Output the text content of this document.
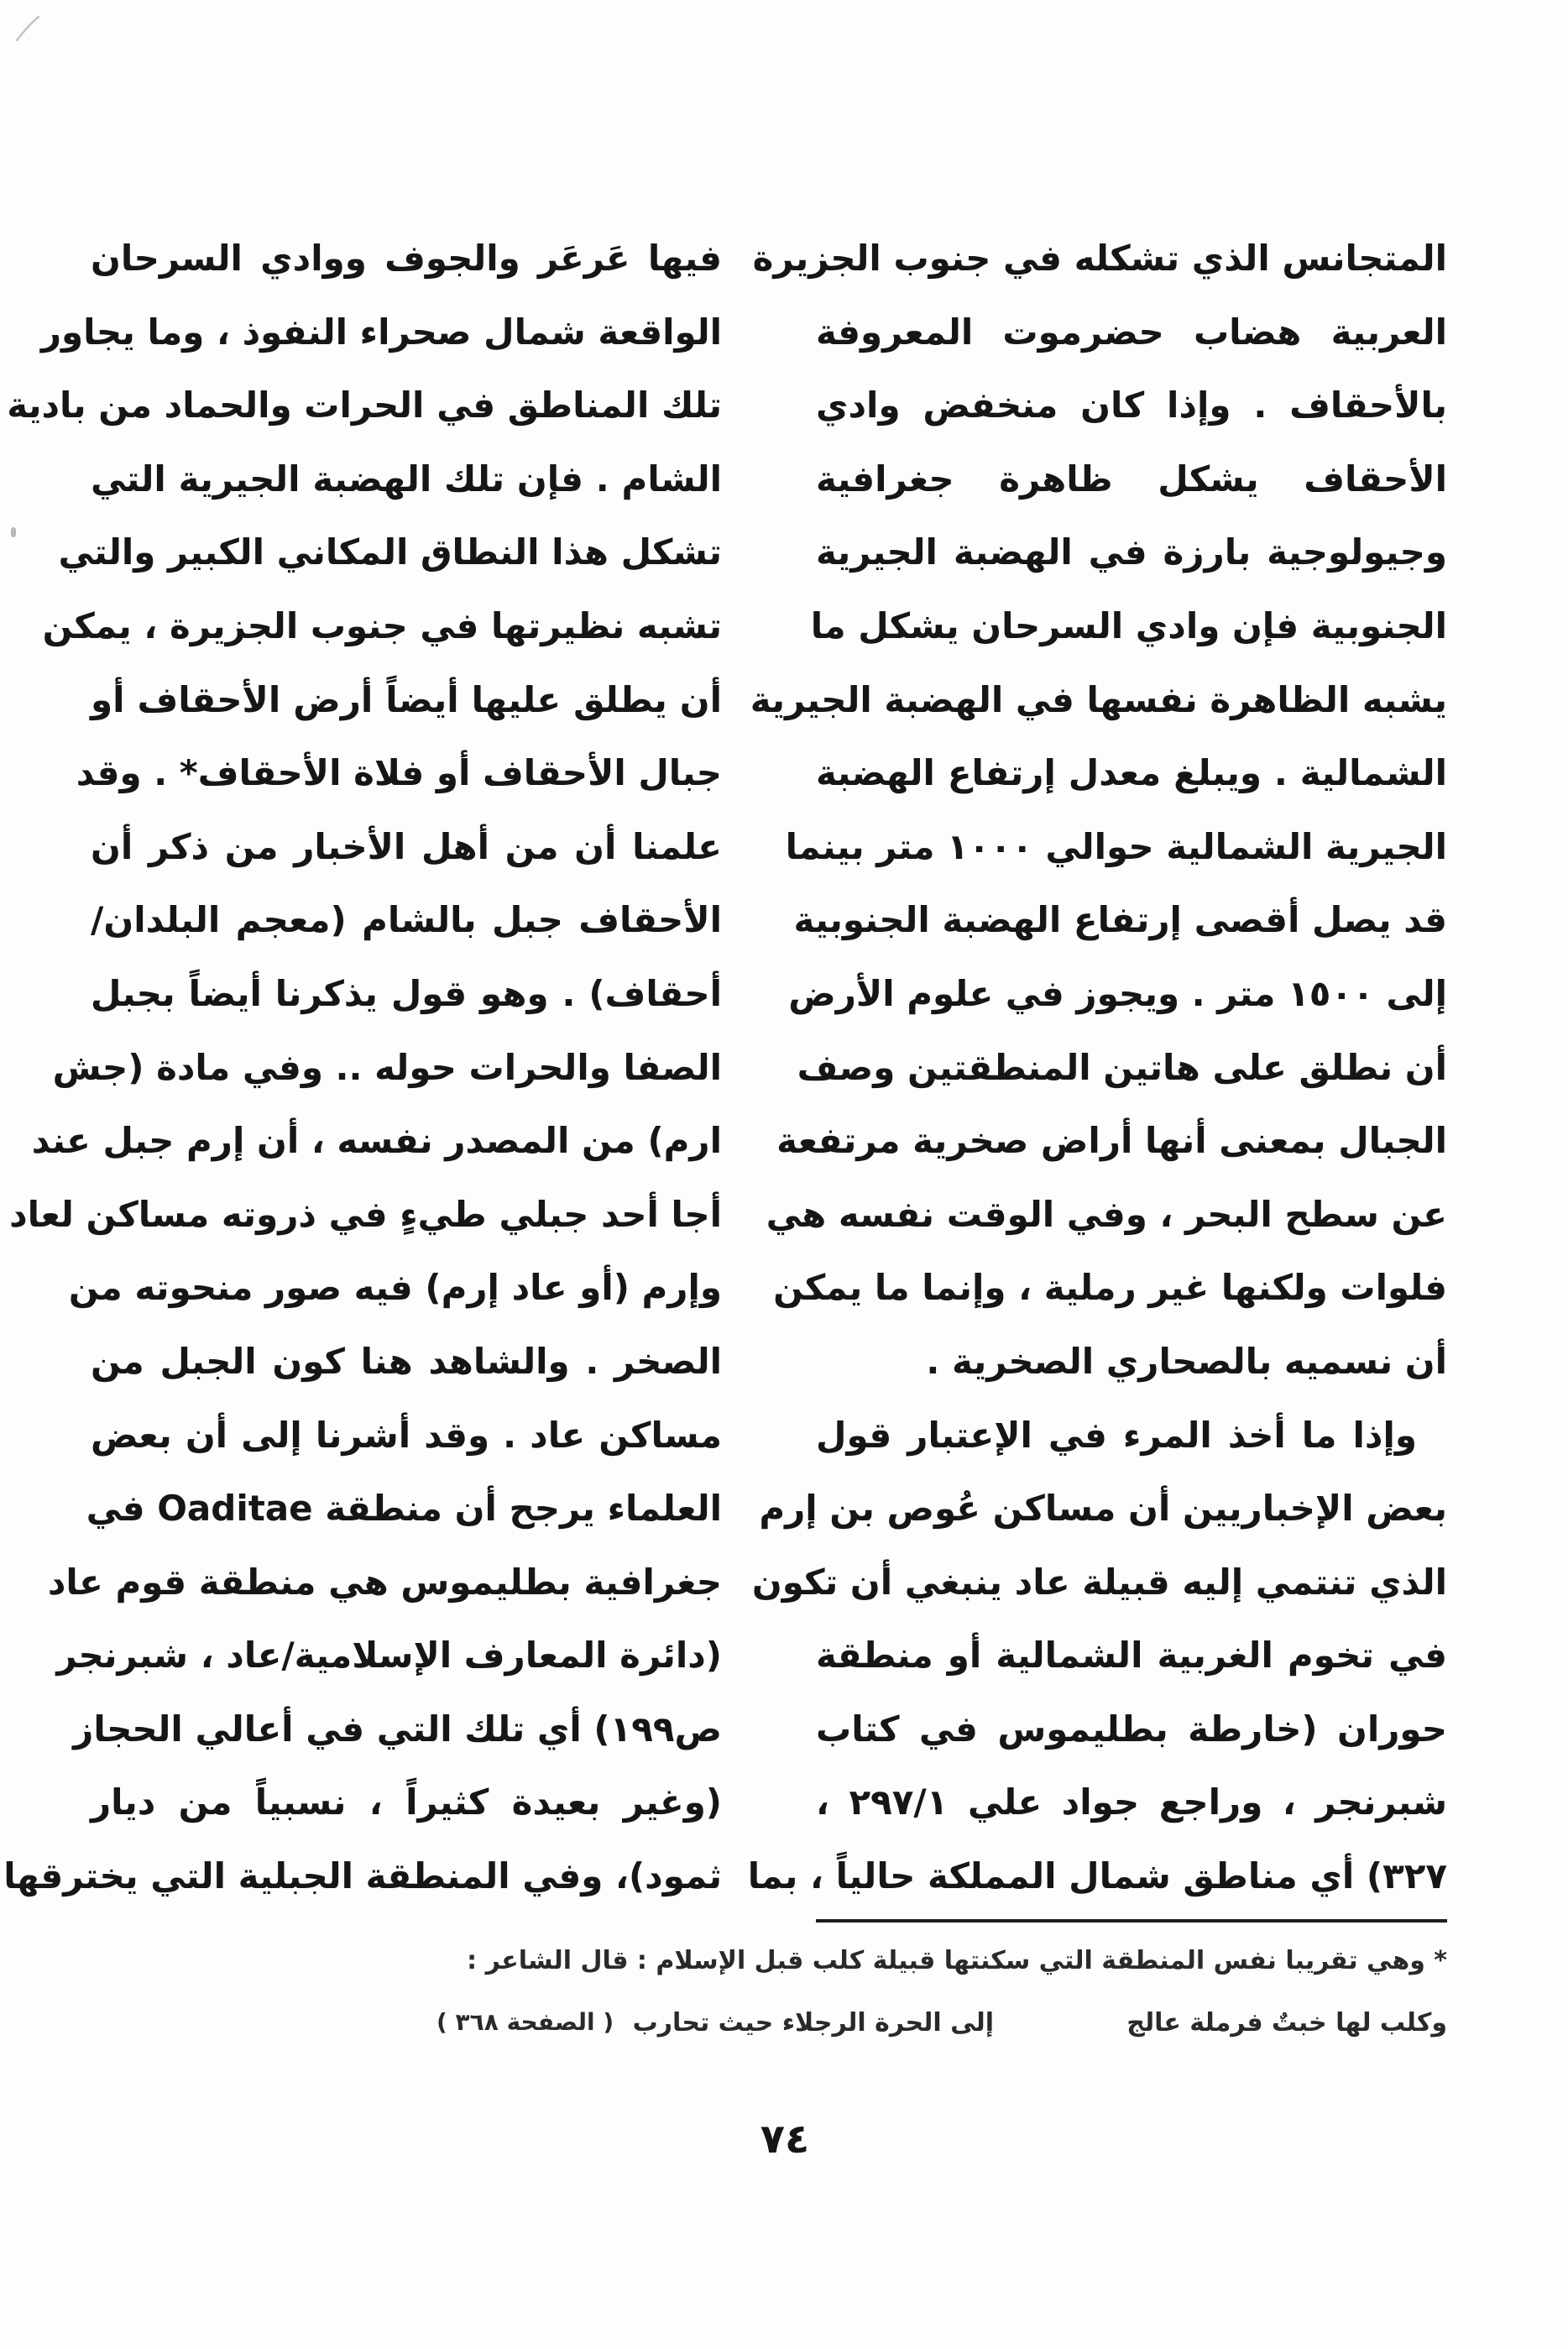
المتجانس الذي تشكله في جنوب الجزيرة
العربية هضاب حضرموت المعروفة
بالأحقاف . وإذا كان منخفض وادي
الأحقاف يشكل ظاهرة جغرافية
وجيولوجية بارزة في الهضبة الجيرية
الجنوبية فإن وادي السرحان يشكل ما
يشبه الظاهرة نفسها في الهضبة الجيرية
الشمالية . ويبلغ معدل إرتفاع الهضبة
الجيرية الشمالية حوالي ١٠٠٠ متر بينما
قد يصل أقصى إرتفاع الهضبة الجنوبية
إلى ١٥٠٠ متر . ويجوز في علوم الأرض
أن نطلق على هاتين المنطقتين وصف
الجبال بمعنى أنها أراض صخرية مرتفعة
عن سطح البحر ، وفي الوقت نفسه هي
فلوات ولكنها غير رملية ، وإنما ما يمكن
أن نسميه بالصحاري الصخرية .
وإذا ما أخذ المرء في الإعتبار قول
بعض الإخباريين أن مساكن عُوص بن إرم
الذي تنتمي إليه قبيلة عاد ينبغي أن تكون
في تخوم الغربية الشمالية أو منطقة
حوران (خارطة بطليموس في كتاب
شبرنجر ، وراجع جواد علي ٢٩٧/١ ،
٣٢٧) أي مناطق شمال المملكة حالياً ، بما
فيها عَرعَر والجوف ووادي السرحان
الواقعة شمال صحراء النفوذ ، وما يجاور
تلك المناطق في الحرات والحماد من بادية
الشام . فإن تلك الهضبة الجيرية التي
تشكل هذا النطاق المكاني الكبير والتي
تشبه نظيرتها في جنوب الجزيرة ، يمكن
أن يطلق عليها أيضاً أرض الأحقاف أو
جبال الأحقاف أو فلاة الأحقاف* . وقد
علمنا أن من أهل الأخبار من ذكر أن
الأحقاف جبل بالشام (معجم البلدان/
أحقاف) . وهو قول يذكرنا أيضاً بجبل
الصفا والحرات حوله .. وفي مادة (جش
ارم) من المصدر نفسه ، أن إرم جبل عند
أجا أحد جبلي طيءٍ في ذروته مساكن لعاد
وإرم (أو عاد إرم) فيه صور منحوته من
الصخر . والشاهد هنا كون الجبل من
مساكن عاد . وقد أشرنا إلى أن بعض
العلماء يرجح أن منطقة Oaditae في
جغرافية بطليموس هي منطقة قوم عاد
(دائرة المعارف الإسلامية/عاد ، شبرنجر
ص١٩٩) أي تلك التي في أعالي الحجاز
(وغير بعيدة كثيراً ، نسبياً من ديار
ثمود)، وفي المنطقة الجبلية التي يخترقها
* وهي تقريبا نفس المنطقة التي سكنتها قبيلة كلب قبل الإسلام : قال الشاعر :
وكلب لها خبتٌ فرملة عالج
إلى الحرة الرجلاء حيث تحارب
( الصفحة ٣٦٨ )
٧٤
